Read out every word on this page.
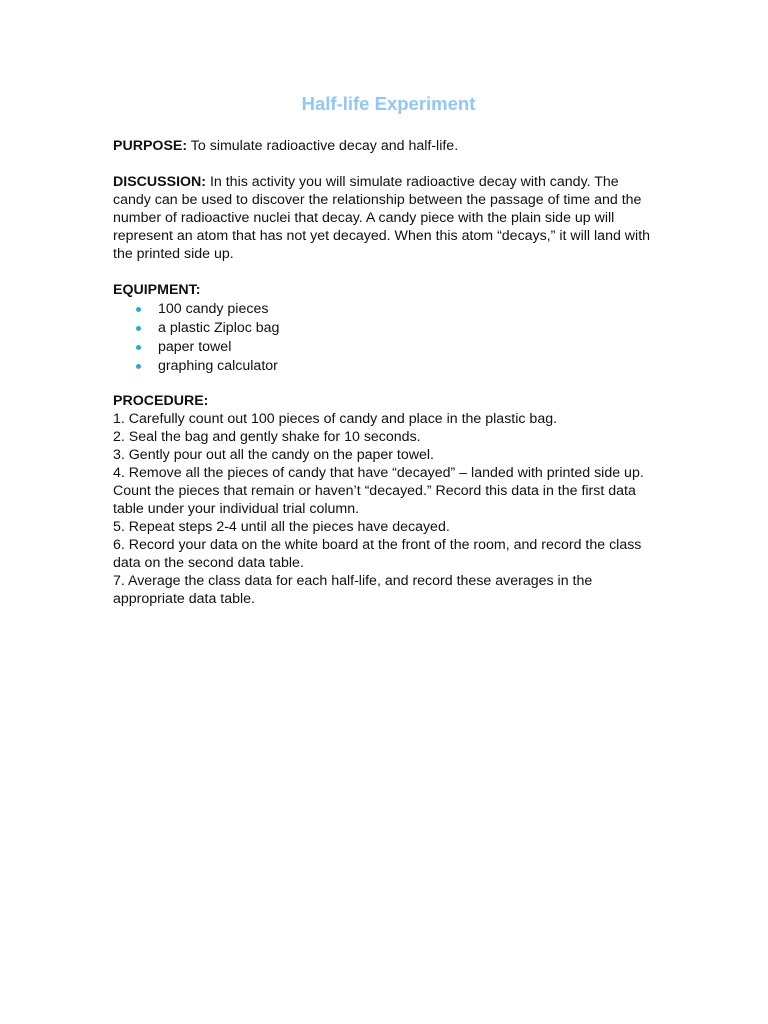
Half-life Experiment

PURPOSE: To simulate radioactive decay and half-life.

DISCUSSION: In this activity you will simulate radioactive decay with candy. The candy can be used to discover the relationship between the passage of time and the number of radioactive nuclei that decay. A candy piece with the plain side up will represent an atom that has not yet decayed. When this atom “decays,” it will land with the printed side up.

EQUIPMENT:
100 candy pieces
a plastic Ziploc bag
paper towel
graphing calculator
PROCEDURE:
1. Carefully count out 100 pieces of candy and place in the plastic bag.
2. Seal the bag and gently shake for 10 seconds.
3. Gently pour out all the candy on the paper towel.
4. Remove all the pieces of candy that have “decayed” – landed with printed side up.
Count the pieces that remain or haven’t “decayed.” Record this data in the first data table under your individual trial column.
5. Repeat steps 2-4 until all the pieces have decayed.
6. Record your data on the white board at the front of the room, and record the class data on the second data table.
7. Average the class data for each half-life, and record these averages in the appropriate data table.
